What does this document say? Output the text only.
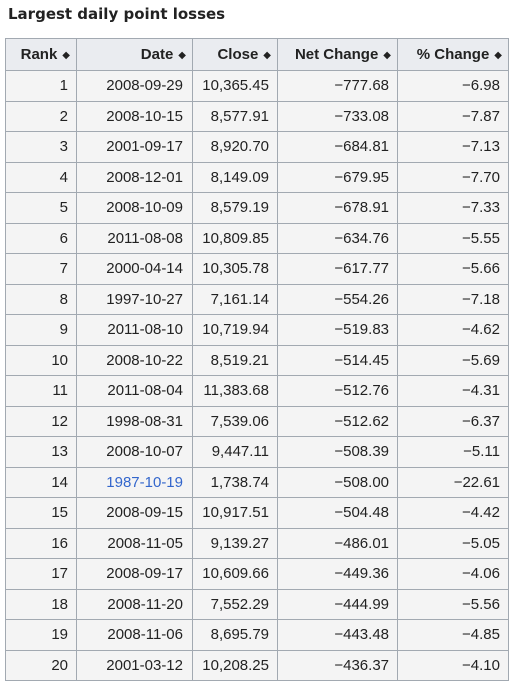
Largest daily point losses
Rank ◆	Date ◆	Close ◆	Net Change ◆	% Change ◆
1	2008-09-29	10,365.45	−777.68	−6.98
2	2008-10-15	8,577.91	−733.08	−7.87
3	2001-09-17	8,920.70	−684.81	−7.13
4	2008-12-01	8,149.09	−679.95	−7.70
5	2008-10-09	8,579.19	−678.91	−7.33
6	2011-08-08	10,809.85	−634.76	−5.55
7	2000-04-14	10,305.78	−617.77	−5.66
8	1997-10-27	7,161.14	−554.26	−7.18
9	2011-08-10	10,719.94	−519.83	−4.62
10	2008-10-22	8,519.21	−514.45	−5.69
11	2011-08-04	11,383.68	−512.76	−4.31
12	1998-08-31	7,539.06	−512.62	−6.37
13	2008-10-07	9,447.11	−508.39	−5.11
14	1987-10-19	1,738.74	−508.00	−22.61
15	2008-09-15	10,917.51	−504.48	−4.42
16	2008-11-05	9,139.27	−486.01	−5.05
17	2008-09-17	10,609.66	−449.36	−4.06
18	2008-11-20	7,552.29	−444.99	−5.56
19	2008-11-06	8,695.79	−443.48	−4.85
20	2001-03-12	10,208.25	−436.37	−4.10
